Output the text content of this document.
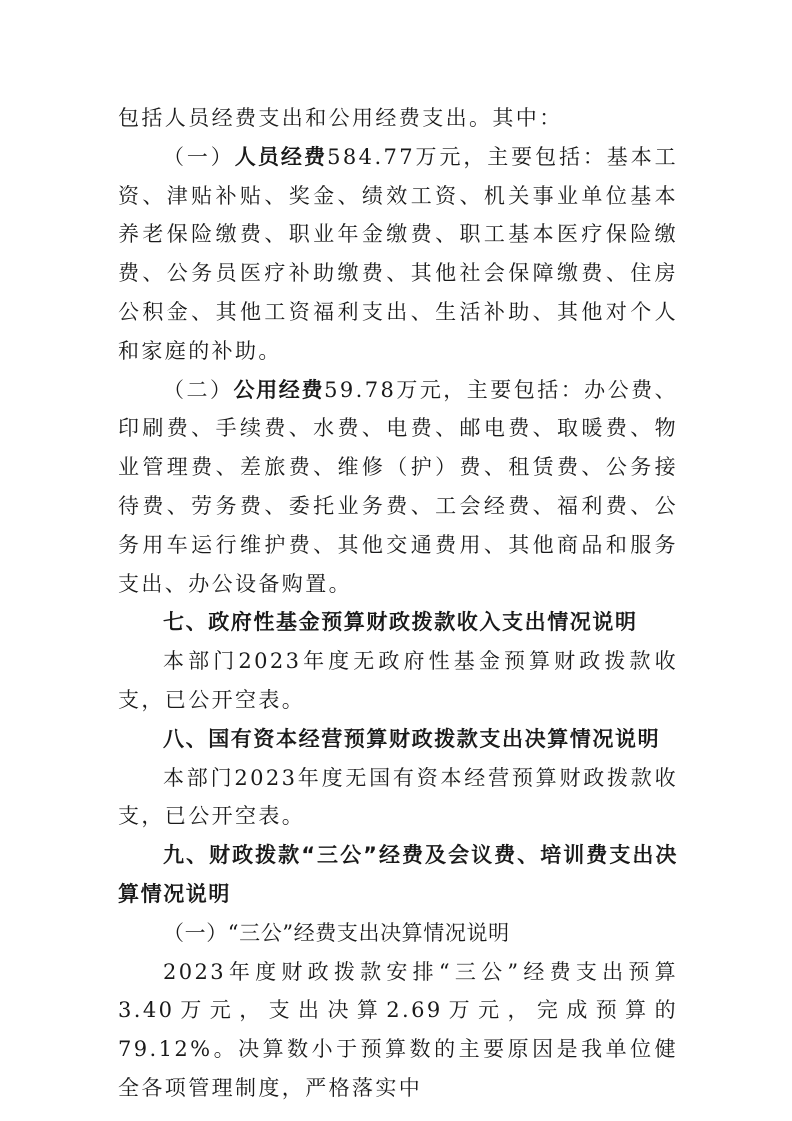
包括人员经费支出和公用经费支出。其中：

（一）人员经费584.77万元，主要包括：基本工资、津贴补贴、奖金、绩效工资、机关事业单位基本养老保险缴费、职业年金缴费、职工基本医疗保险缴费、公务员医疗补助缴费、其他社会保障缴费、住房公积金、其他工资福利支出、生活补助、其他对个人和家庭的补助。

（二）公用经费59.78万元，主要包括：办公费、印刷费、手续费、水费、电费、邮电费、取暖费、物业管理费、差旅费、维修（护）费、租赁费、公务接待费、劳务费、委托业务费、工会经费、福利费、公务用车运行维护费、其他交通费用、其他商品和服务支出、办公设备购置。

七、政府性基金预算财政拨款收入支出情况说明

本部门2023年度无政府性基金预算财政拨款收支，已公开空表。

八、国有资本经营预算财政拨款支出决算情况说明

本部门2023年度无国有资本经营预算财政拨款收支，已公开空表。

九、财政拨款“三公”经费及会议费、培训费支出决算情况说明

（一）“三公”经费支出决算情况说明

2023年度财政拨款安排“三公”经费支出预算3.40万元，支出决算2.69万元，完成预算的79.12%。决算数小于预算数的主要原因是我单位健全各项管理制度，严格落实中
